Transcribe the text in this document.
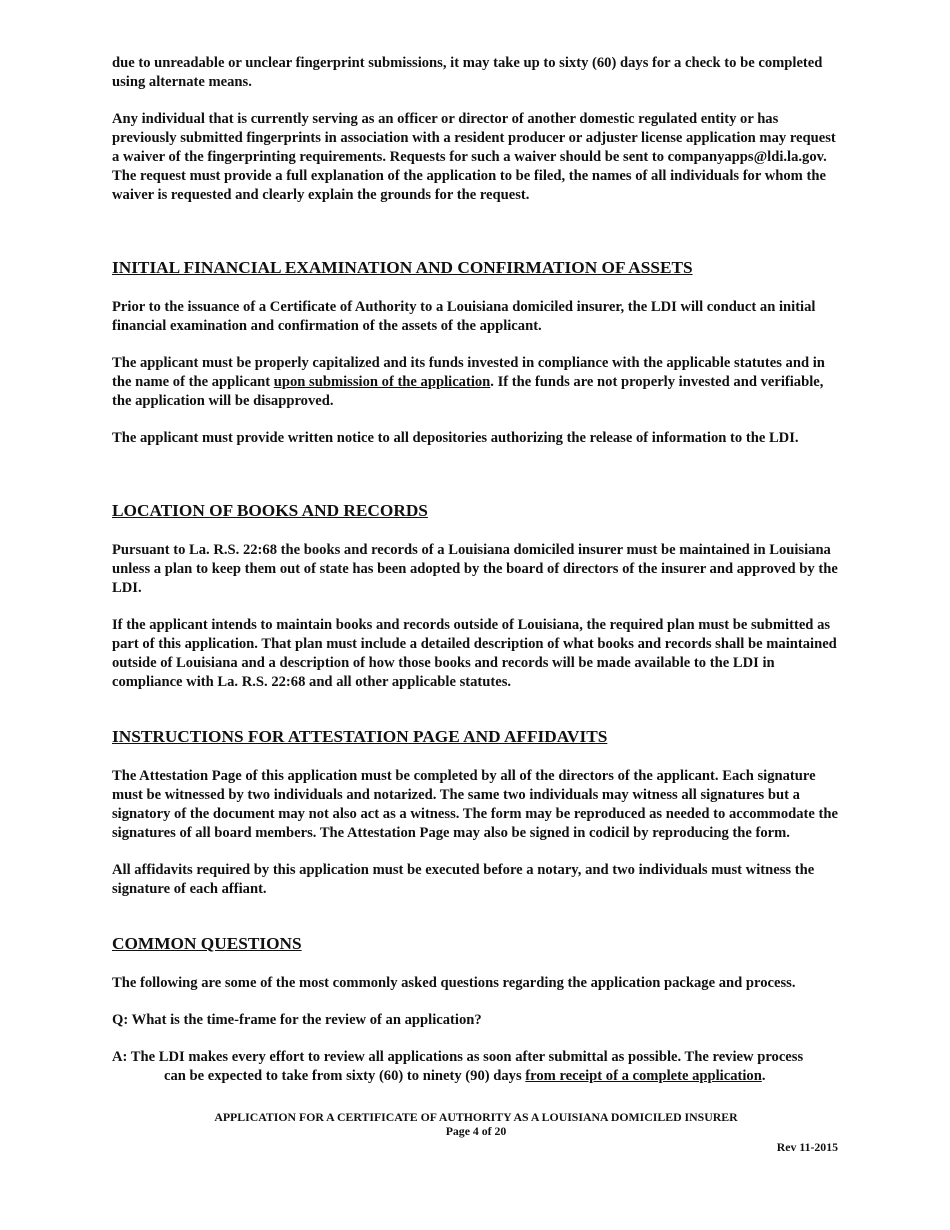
due to unreadable or unclear fingerprint submissions, it may take up to sixty (60) days for a check to be completed using alternate means.

Any individual that is currently serving as an officer or director of another domestic regulated entity or has previously submitted fingerprints in association with a resident producer or adjuster license application may request a waiver of the fingerprinting requirements. Requests for such a waiver should be sent to companyapps@ldi.la.gov. The request must provide a full explanation of the application to be filed, the names of all individuals for whom the waiver is requested and clearly explain the grounds for the request.

INITIAL FINANCIAL EXAMINATION AND CONFIRMATION OF ASSETS

Prior to the issuance of a Certificate of Authority to a Louisiana domiciled insurer, the LDI will conduct an initial financial examination and confirmation of the assets of the applicant.

The applicant must be properly capitalized and its funds invested in compliance with the applicable statutes and in the name of the applicant upon submission of the application. If the funds are not properly invested and verifiable, the application will be disapproved.

The applicant must provide written notice to all depositories authorizing the release of information to the LDI.

LOCATION OF BOOKS AND RECORDS

Pursuant to La. R.S. 22:68 the books and records of a Louisiana domiciled insurer must be maintained in Louisiana unless a plan to keep them out of state has been adopted by the board of directors of the insurer and approved by the LDI.

If the applicant intends to maintain books and records outside of Louisiana, the required plan must be submitted as part of this application. That plan must include a detailed description of what books and records shall be maintained outside of Louisiana and a description of how those books and records will be made available to the LDI in compliance with La. R.S. 22:68 and all other applicable statutes.

INSTRUCTIONS FOR ATTESTATION PAGE AND AFFIDAVITS

The Attestation Page of this application must be completed by all of the directors of the applicant. Each signature must be witnessed by two individuals and notarized. The same two individuals may witness all signatures but a signatory of the document may not also act as a witness. The form may be reproduced as needed to accommodate the signatures of all board members. The Attestation Page may also be signed in codicil by reproducing the form.

All affidavits required by this application must be executed before a notary, and two individuals must witness the signature of each affiant.

COMMON QUESTIONS

The following are some of the most commonly asked questions regarding the application package and process.

Q: What is the time-frame for the review of an application?

A: The LDI makes every effort to review all applications as soon after submittal as possible. The review process
can be expected to take from sixty (60) to ninety (90) days from receipt of a complete application.

APPLICATION FOR A CERTIFICATE OF AUTHORITY AS A LOUISIANA DOMICILED INSURER
Page 4 of 20
Rev 11-2015
